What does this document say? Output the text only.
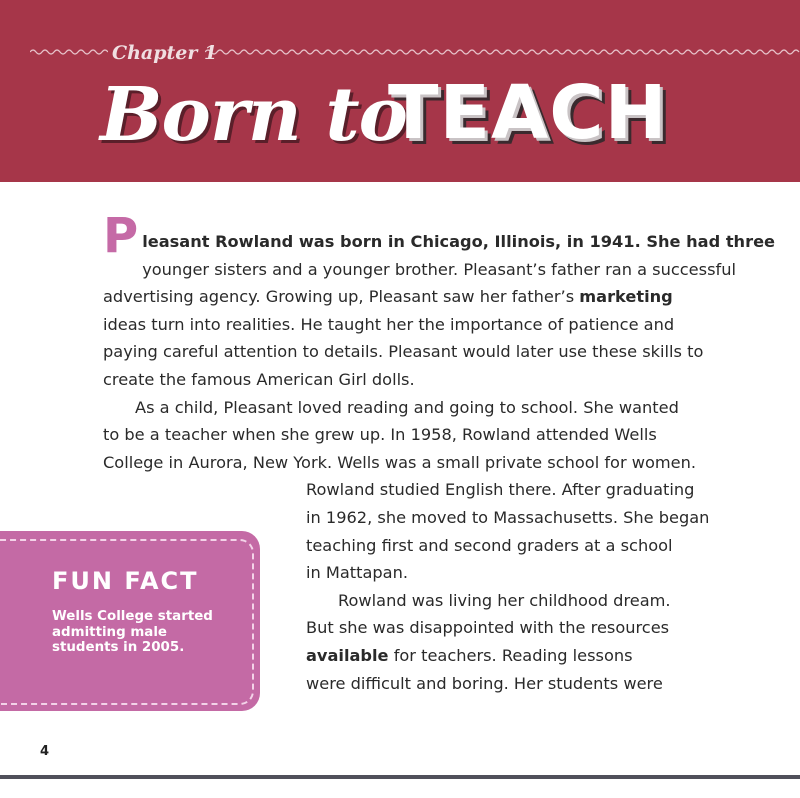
Chapter 1
Born to
TEACH
P leasant Rowland was born in Chicago, Illinois, in 1941. She had three
younger sisters and a younger brother. Pleasant’s father ran a successful
advertising agency. Growing up, Pleasant saw her father’s marketing
ideas turn into realities. He taught her the importance of patience and
paying careful attention to details. Pleasant would later use these skills to
create the famous American Girl dolls.
As a child, Pleasant loved reading and going to school. She wanted
to be a teacher when she grew up. In 1958, Rowland attended Wells
College in Aurora, New York. Wells was a small private school for women.
Rowland studied English there. After graduating
in 1962, she moved to Massachusetts. She began
teaching first and second graders at a school
in Mattapan.
Rowland was living her childhood dream.
But she was disappointed with the resources
available for teachers. Reading lessons
were difficult and boring. Her students were
FUN FACT
Wells College started admitting male students in 2005.
4
